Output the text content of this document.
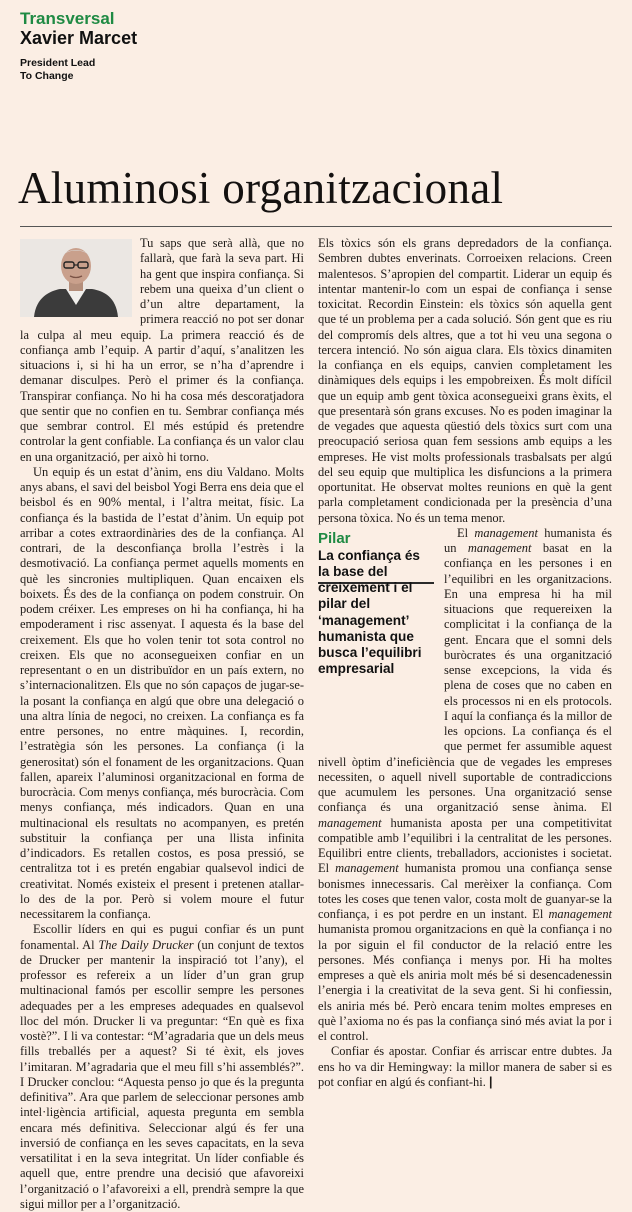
Transversal
Xavier Marcet
President Lead
To Change
Aluminosi organitzacional

Tu saps que serà allà, que no fallarà, que farà la seva part. Hi ha gent que inspira confiança. Si rebem una queixa d’un client o d’un altre departament, la primera reacció no pot ser donar la culpa al meu equip. La primera reacció és de confiança amb l’equip. A partir d’aquí, s’analitzen les situacions i, si hi ha un error, se n’ha d’aprendre i demanar disculpes. Però el primer és la confiança. Transpirar confiança. No hi ha cosa més descoratjadora que sentir que no confien en tu. Sembrar confiança més que sembrar control. El més estúpid és pretendre controlar la gent confiable. La confiança és un valor clau en una organització, per això hi torno.

Un equip és un estat d’ànim, ens diu Valdano. Molts anys abans, el savi del beisbol Yogi Berra ens deia que el beisbol és en 90% mental, i l’altra meitat, físic. La confiança és la bastida de l’estat d’ànim. Un equip pot arribar a cotes extraordinàries des de la confiança. Al contrari, de la desconfiança brolla l’estrès i la desmotivació. La confiança permet aquells moments en què les sincronies multipliquen. Quan encaixen els boixets. És des de la confiança on podem construir. On podem créixer. Les empreses on hi ha confiança, hi ha empoderament i risc assenyat. I aquesta és la base del creixement. Els que ho volen tenir tot sota control no creixen. Els que no aconsegueixen confiar en un representant o en un distribuïdor en un país extern, no s’internacionalitzen. Els que no són capaços de jugar-se-la posant la confiança en algú que obre una delegació o una altra línia de negoci, no creixen. La confiança es fa entre persones, no entre màquines. I, recordin, l’estratègia són les persones. La confiança (i la generositat) són el fonament de les organitzacions. Quan fallen, apareix l’aluminosi organitzacional en forma de burocràcia. Com menys confiança, més burocràcia. Com menys confiança, més indicadors. Quan en una multinacional els resultats no acompanyen, es pretén substituir la confiança per una llista infinita d’indicadors. Es retallen costos, es posa pressió, se centralitza tot i es pretén engabiar qualsevol indici de creativitat. Només existeix el present i pretenen atallar-lo des de la por. Però si volem moure el futur necessitarem la confiança.

Escollir líders en qui es pugui confiar és un punt fonamental. Al The Daily Drucker (un conjunt de textos de Drucker per mantenir la inspiració tot l’any), el professor es refereix a un líder d’un gran grup multinacional famós per escollir sempre les persones adequades per a les empreses adequades en qualsevol lloc del món. Drucker li va preguntar: “En què es fixa vostè?”. I li va contestar: “M’agradaria que un dels meus fills treballés per a aquest? Si té èxit, els joves l’imitaran. M’agradaria que el meu fill s’hi assemblés?”. I Drucker conclou: “Aquesta penso jo que és la pregunta definitiva”. Ara que parlem de seleccionar persones amb intel·ligència artificial, aquesta pregunta em sembla encara més definitiva. Seleccionar algú és fer una inversió de confiança en les seves capacitats, en la seva versatilitat i en la seva integritat. Un líder confiable és aquell que, entre prendre una decisió que afavoreixi l’organització o l’afavoreixi a ell, prendrà sempre la que sigui millor per a l’organització.

Els tòxics són els grans depredadors de la confiança. Sembren dubtes enverinats. Corroeixen relacions. Creen malentesos. S’apropien del compartit. Liderar un equip és intentar mantenir-lo com un espai de confiança i sense toxicitat. Recordin Einstein: els tòxics són aquella gent que té un problema per a cada solució. Són gent que es riu del compromís dels altres, que a tot hi veu una segona o tercera intenció. No són aigua clara. Els tòxics dinamiten la confiança en els equips, canvien completament les dinàmiques dels equips i les empobreixen. És molt difícil que un equip amb gent tòxica aconsegueixi grans èxits, el que presentarà són grans excuses. No es poden imaginar la de vegades que aquesta qüestió dels tòxics surt com una preocupació seriosa quan fem sessions amb equips a les empreses. He vist molts professionals trasbalsats per algú del seu equip que multiplica les disfuncions a la primera oportunitat. He observat moltes reunions en què la gent parla completament condicionada per la presència d’una persona tòxica. No és un tema menor.

Pilar
La confiança és la base del creixement i el pilar del ‘management’ humanista que busca l’equilibri empresarial
El management humanista és un management basat en la confiança en les persones i en l’equilibri en les organitzacions. En una empresa hi ha mil situacions que requereixen la complicitat i la confiança de la gent. Encara que el somni dels buròcrates és una organització sense excepcions, la vida és plena de coses que no caben en els processos ni en els protocols. I aquí la confiança és la millor de les opcions. La confiança és el que permet fer assumible aquest nivell òptim d’ineficiència que de vegades les empreses necessiten, o aquell nivell suportable de contradiccions que acumulem les persones. Una organització sense confiança és una organització sense ànima. El management humanista aposta per una competitivitat compatible amb l’equilibri i la centralitat de les persones. Equilibri entre clients, treballadors, accionistes i societat. El management humanista promou una confiança sense bonismes innecessaris. Cal merèixer la confiança. Com totes les coses que tenen valor, costa molt de guanyar-se la confiança, i es pot perdre en un instant. El management humanista promou organitzacions en què la confiança i no la por siguin el fil conductor de la relació entre les persones. Més confiança i menys por. Hi ha moltes empreses a què els aniria molt més bé si desencadenessin l’energia i la creativitat de la seva gent. Si hi confiessin, els aniria més bé. Però encara tenim moltes empreses en què l’axioma no és pas la confiança sinó més aviat la por i el control.

Confiar és apostar. Confiar és arriscar entre dubtes. Ja ens ho va dir Hemingway: la millor manera de saber si es pot confiar en algú és confiant-hi. |
